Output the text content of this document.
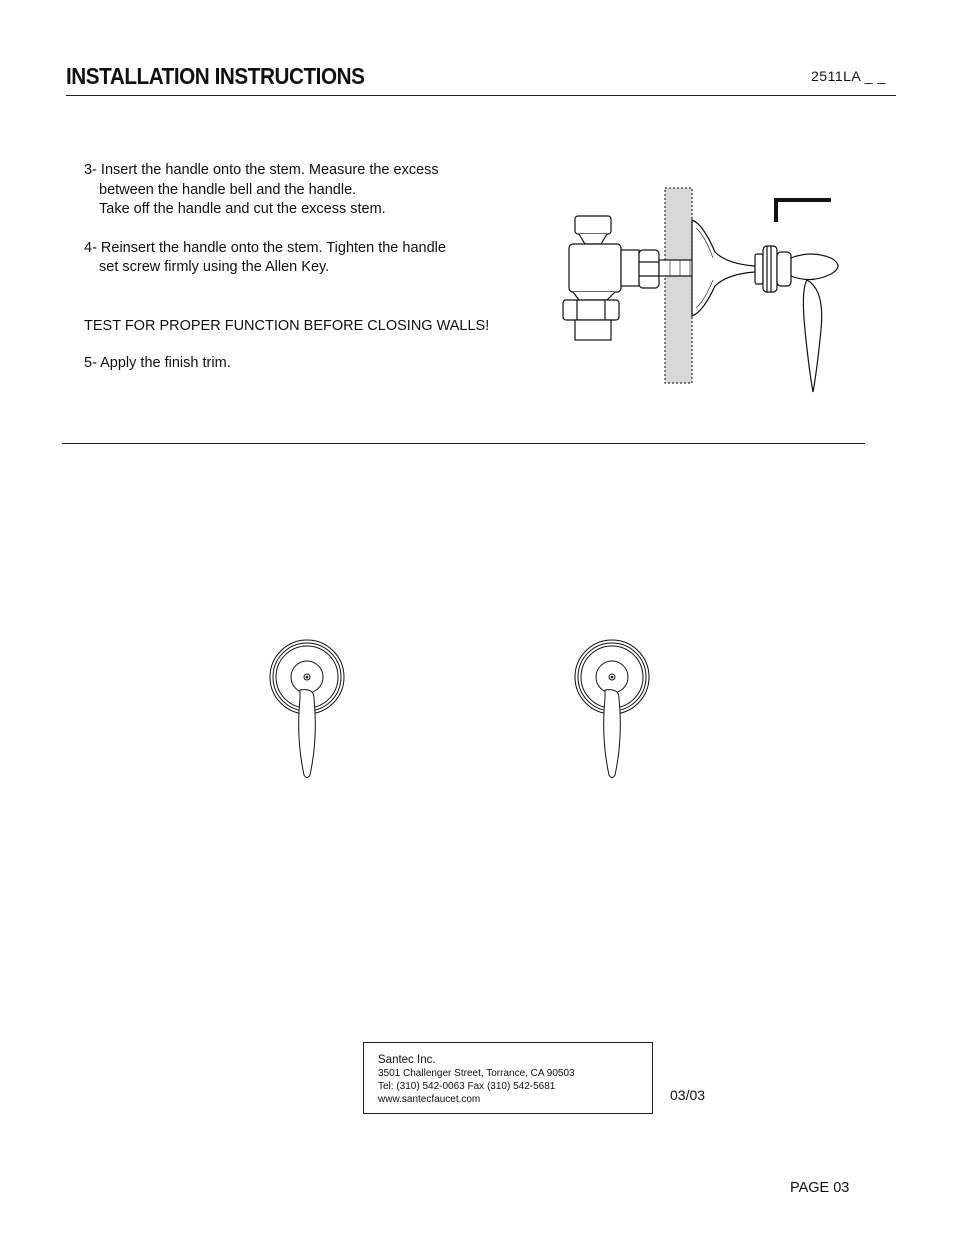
INSTALLATION INSTRUCTIONS	2511LA _ _

3- Insert the handle onto the stem. Measure the excess

between the handle bell and the handle.

Take off the handle and cut the excess stem.

4- Reinsert the handle onto the stem. Tighten the handle

set screw firmly using the Allen Key.

TEST FOR PROPER FUNCTION BEFORE CLOSING WALLS!

5- Apply the finish trim.

Santec Inc.
3501 Challenger Street, Torrance, CA 90503
Tel: (310) 542-0063 Fax (310) 542-5681
www.santecfaucet.com	03/03
PAGE 03
